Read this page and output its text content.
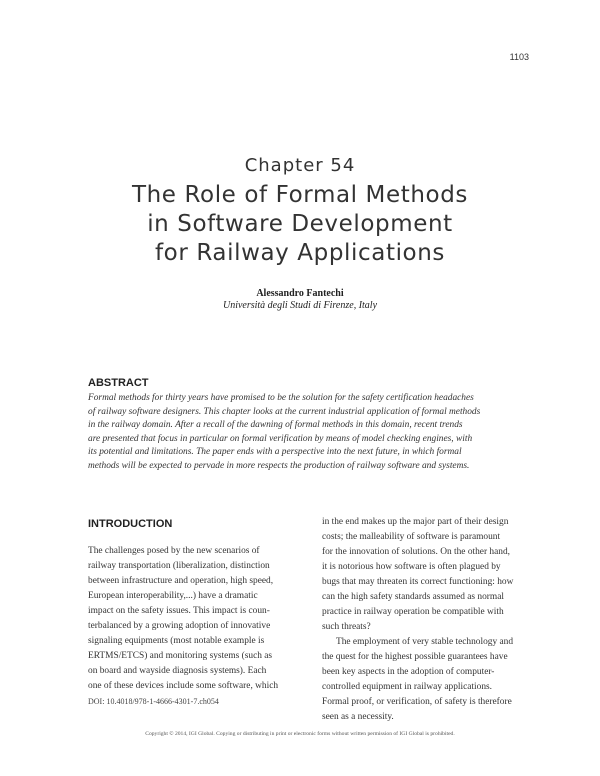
1103
Chapter 54
The Role of Formal Methods
in Software Development
for Railway Applications
Alessandro Fantechi
Università degli Studi di Firenze, Italy
ABSTRACT
Formal methods for thirty years have promised to be the solution for the safety certification headaches
of railway software designers. This chapter looks at the current industrial application of formal methods
in the railway domain. After a recall of the dawning of formal methods in this domain, recent trends
are presented that focus in particular on formal verification by means of model checking engines, with
its potential and limitations. The paper ends with a perspective into the next future, in which formal
methods will be expected to pervade in more respects the production of railway software and systems.
INTRODUCTION
The challenges posed by the new scenarios of
railway transportation (liberalization, distinction
between infrastructure and operation, high speed,
European interoperability,...) have a dramatic
impact on the safety issues. This impact is coun-
terbalanced by a growing adoption of innovative
signaling equipments (most notable example is
ERTMS/ETCS) and monitoring systems (such as
on board and wayside diagnosis systems). Each
one of these devices include some software, which
in the end makes up the major part of their design
costs; the malleability of software is paramount
for the innovation of solutions. On the other hand,
it is notorious how software is often plagued by
bugs that may threaten its correct functioning: how
can the high safety standards assumed as normal
practice in railway operation be compatible with
such threats?
The employment of very stable technology and
the quest for the highest possible guarantees have
been key aspects in the adoption of computer-
controlled equipment in railway applications.
Formal proof, or verification, of safety is therefore
seen as a necessity.
DOI: 10.4018/978-1-4666-4301-7.ch054
Copyright © 2014, IGI Global. Copying or distributing in print or electronic forms without written permission of IGI Global is prohibited.
